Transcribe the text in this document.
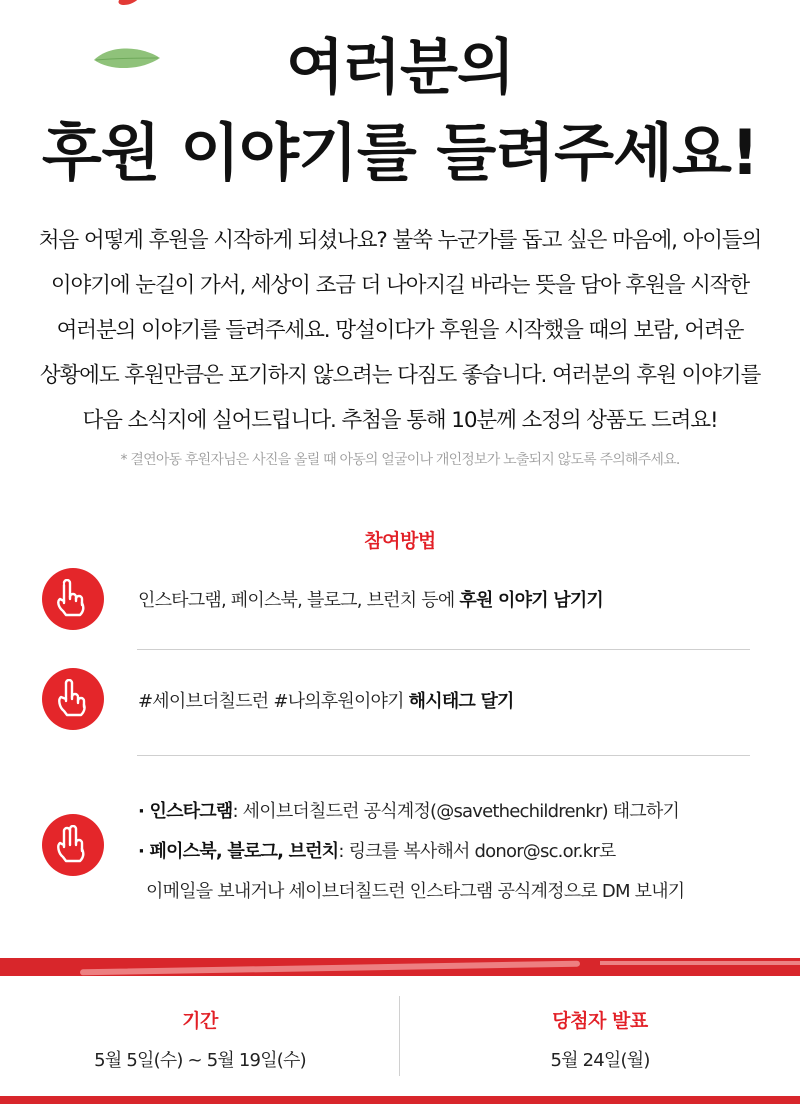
여러분의
후원 이야기를 들려주세요!

처음 어떻게 후원을 시작하게 되셨나요? 불쑥 누군가를 돕고 싶은 마음에, 아이들의

이야기에 눈길이 가서, 세상이 조금 더 나아지길 바라는 뜻을 담아 후원을 시작한

여러분의 이야기를 들려주세요. 망설이다가 후원을 시작했을 때의 보람, 어려운

상황에도 후원만큼은 포기하지 않으려는 다짐도 좋습니다. 여러분의 후원 이야기를

다음 소식지에 실어드립니다. 추첨을 통해 10분께 소정의 상품도 드려요!

* 결연아동 후원자님은 사진을 올릴 때 아동의 얼굴이나 개인정보가 노출되지 않도록 주의해주세요.
참여방법
인스타그램, 페이스북, 블로그, 브런치 등에 후원 이야기 남기기
#세이브더칠드런 #나의후원이야기 해시태그 달기
· 인스타그램: 세이브더칠드런 공식계정(@savethechildrenkr) 태그하기
· 페이스북, 블로그, 브런치: 링크를 복사해서 donor@sc.or.kr로
이메일을 보내거나 세이브더칠드런 인스타그램 공식계정으로 DM 보내기
기간
5월 5일(수) ~ 5월 19일(수)
당첨자 발표
5월 24일(월)
